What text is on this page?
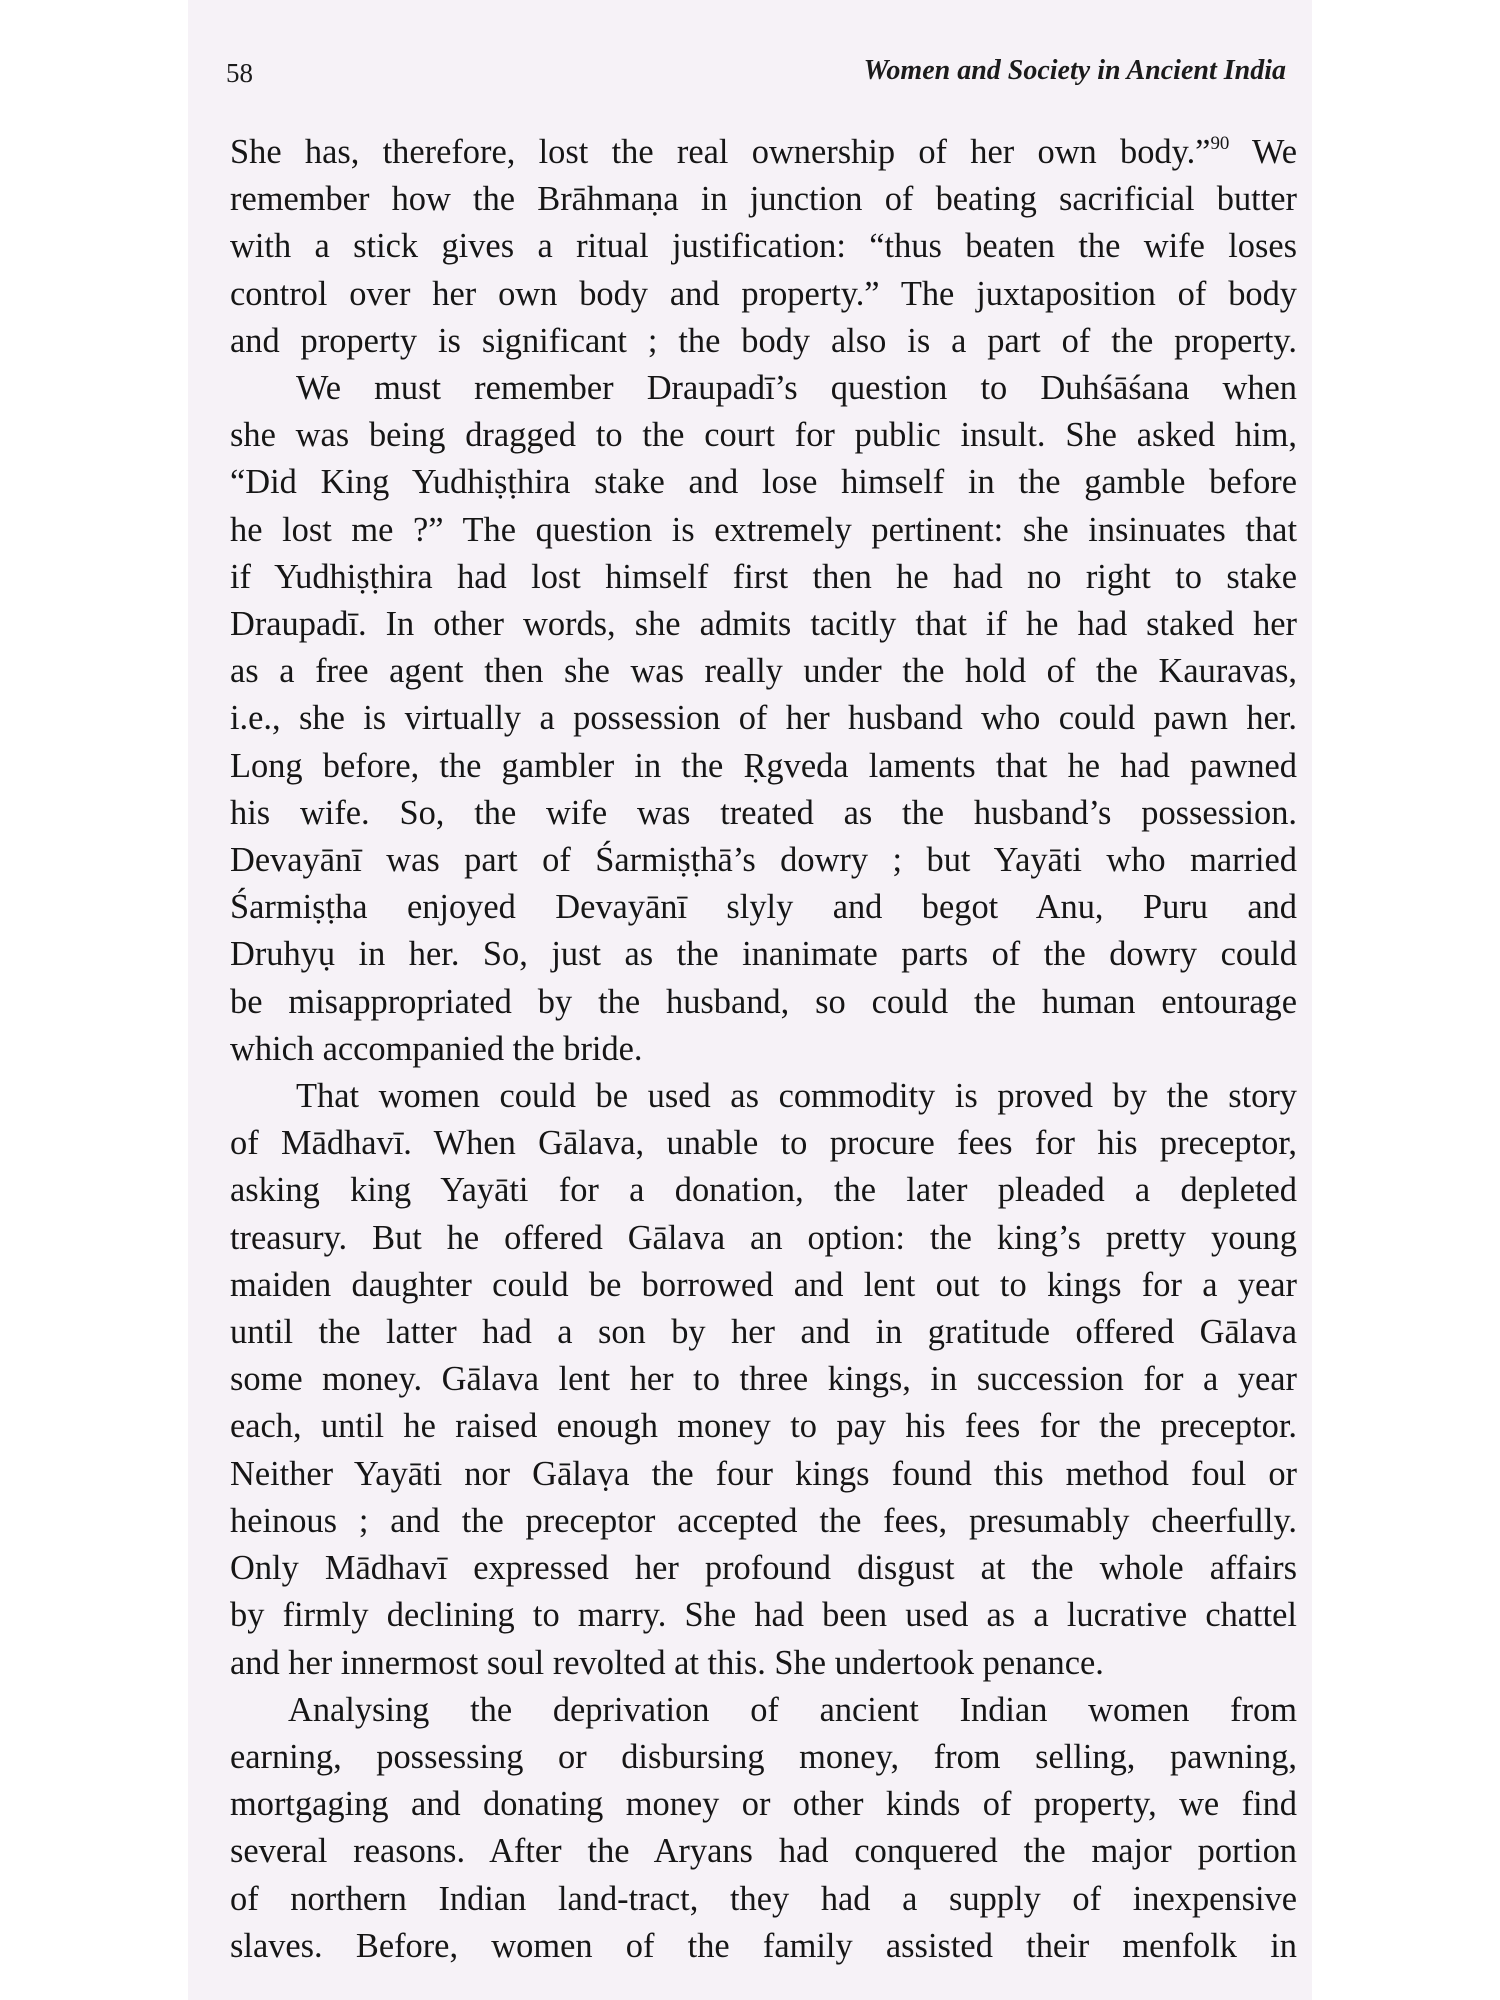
58	Women and Society in Ancient India

She has, therefore, lost the real ownership of her own body.”$^{90}$ We
remember how the Brāhmaṇa in junction of beating sacrificial butter
with a stick gives a ritual justification: “thus beaten the wife loses
control over her own body and property.” The juxtaposition of body
and property is significant ; the body also is a part of the property.

We must remember Draupadī’s question to Duhśāśana when
she was being dragged to the court for public insult. She asked him,
“Did King Yudhiṣṭhira stake and lose himself in the gamble before
he lost me ?” The question is extremely pertinent: she insinuates that
if Yudhiṣṭhira had lost himself first then he had no right to stake
Draupadī. In other words, she admits tacitly that if he had staked her
as a free agent then she was really under the hold of the Kauravas,
i.e., she is virtually a possession of her husband who could pawn her.
Long before, the gambler in the Ṛgveda laments that he had pawned
his wife. So, the wife was treated as the husband’s possession.
Devayānī was part of Śarmiṣṭhā’s dowry ; but Yayāti who married
Śarmiṣṭha enjoyed Devayānī slyly and begot Anu, Puru and
Druhyụ in her. So, just as the inanimate parts of the dowry could
be misappropriated by the husband, so could the human entourage
which accompanied the bride.

That women could be used as commodity is proved by the story
of Mādhavī. When Gālava, unable to procure fees for his preceptor,
asking king Yayāti for a donation, the later pleaded a depleted
treasury. But he offered Gālava an option: the king’s pretty young
maiden daughter could be borrowed and lent out to kings for a year
until the latter had a son by her and in gratitude offered Gālava
some money. Gālava lent her to three kings, in succession for a year
each, until he raised enough money to pay his fees for the preceptor.
Neither Yayāti nor Gālaṿa the four kings found this method foul or
heinous ; and the preceptor accepted the fees, presumably cheerfully.
Only Mādhavī expressed her profound disgust at the whole affairs
by firmly declining to marry. She had been used as a lucrative chattel
and her innermost soul revolted at this. She undertook penance.

Analysing the deprivation of ancient Indian women from
earning, possessing or disbursing money, from selling, pawning,
mortgaging and donating money or other kinds of property, we find
several reasons. After the Aryans had conquered the major portion
of northern Indian land-tract, they had a supply of inexpensive
slaves. Before, women of the family assisted their menfolk in
